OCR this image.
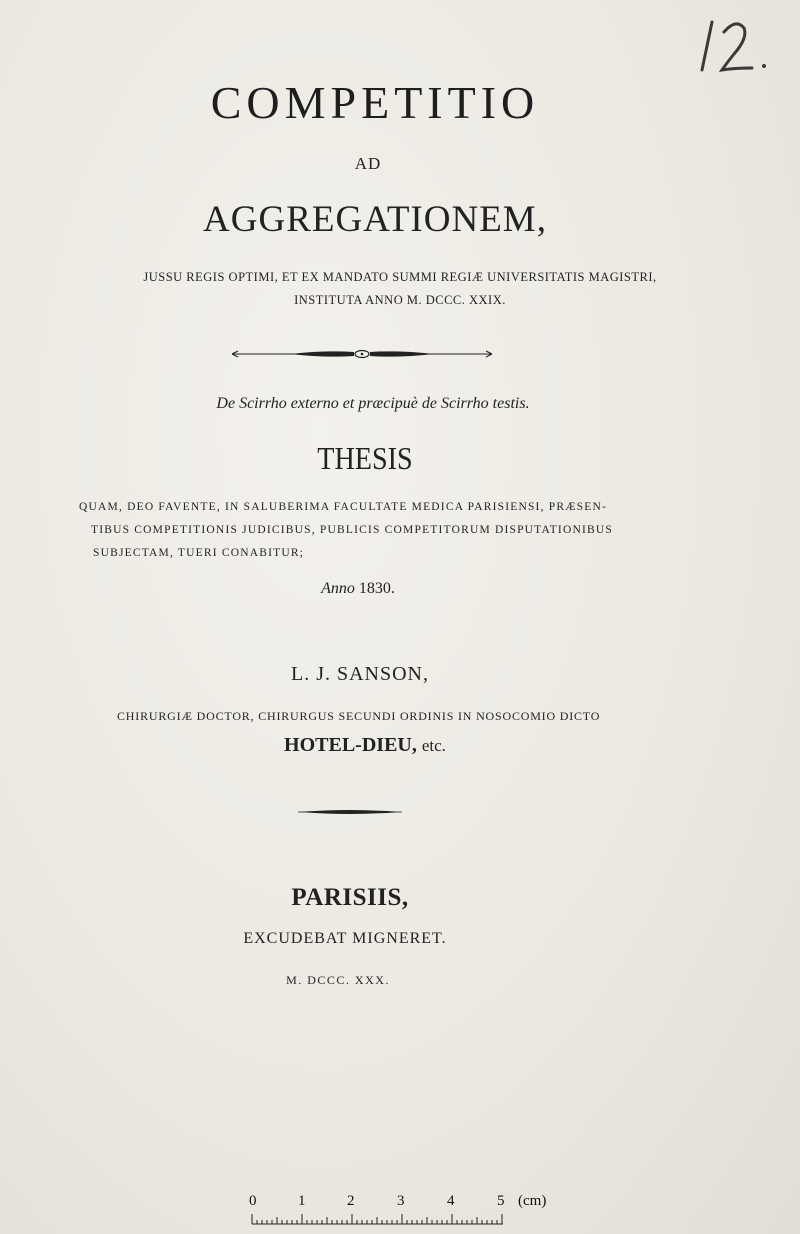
COMPETITIO
AD
AGGREGATIONEM,
JUSSU REGIS OPTIMI, ET EX MANDATO SUMMI REGIÆ UNIVERSITATIS MAGISTRI,
INSTITUTA ANNO M. DCCC. XXIX.
De Scirrho externo et præcipuè de Scirrho testis.
THESIS
QUAM, DEO FAVENTE, IN SALUBERIMA FACULTATE MEDICA PARISIENSI, PRÆSEN-
TIBUS COMPETITIONIS JUDICIBUS, PUBLICIS COMPETITORUM DISPUTATIONIBUS
SUBJECTAM, TUERI CONABITUR;
Anno 1830.
L. J. SANSON,
CHIRURGIÆ DOCTOR, CHIRURGUS SECUNDI ORDINIS IN NOSOCOMIO DICTO
HOTEL-DIEU, etc.
PARISIIS,
EXCUDEBAT MIGNERET.
M. DCCC. XXX.
0	1	2	3	4	5 (cm)
